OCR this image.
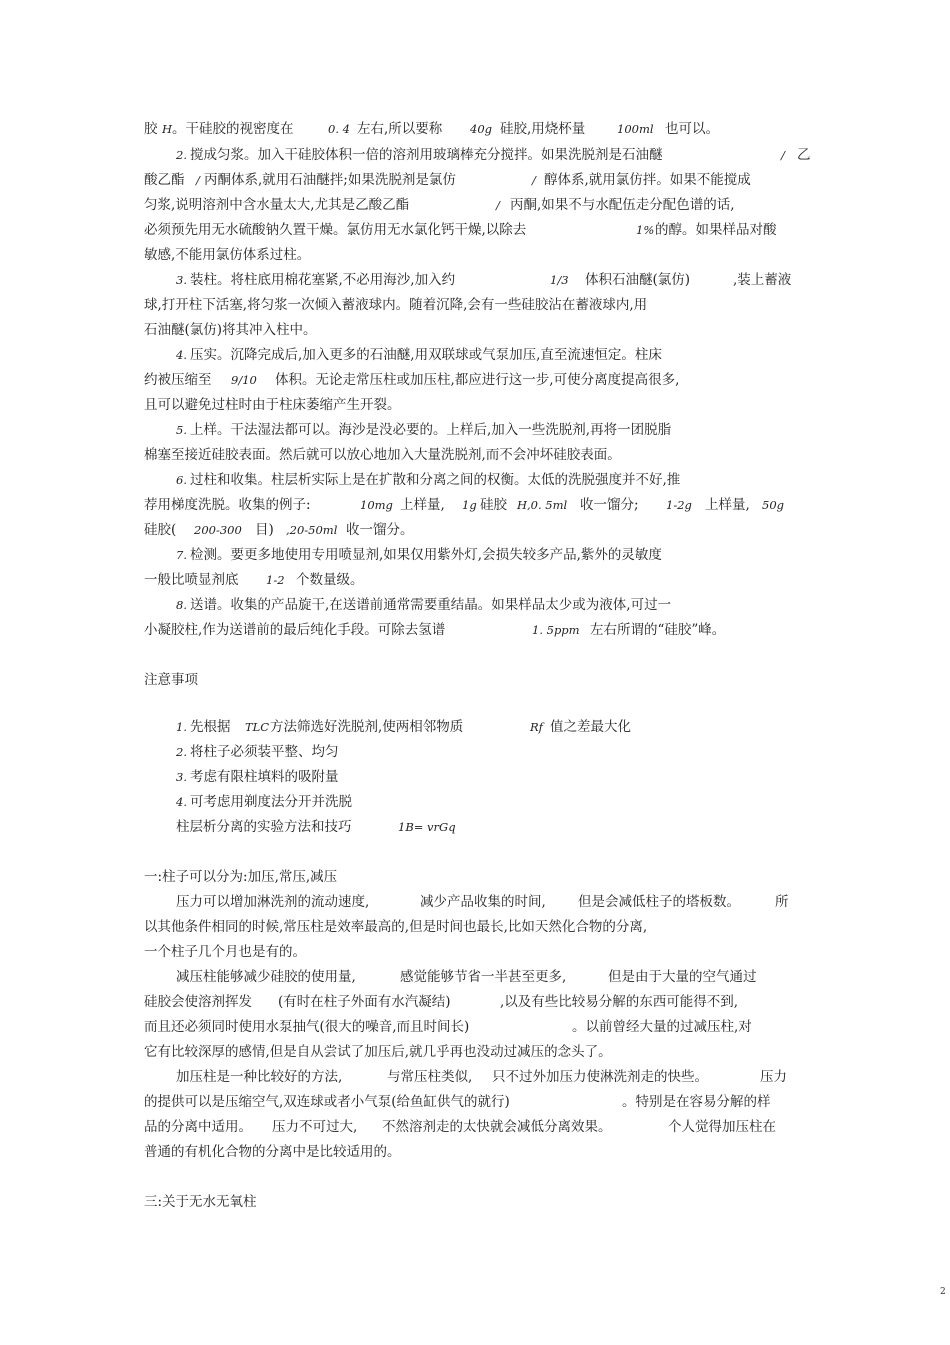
胶 H 。干硅胶的视密度在	0. 4 左右,所以要称 40g 硅胶,用烧杯量	100ml 也可以。
2. 搅成匀浆。加入干硅胶体积一倍的溶剂用玻璃棒充分搅拌。如果洗脱剂是石油醚	/ 乙
酸乙酯 / 丙酮体系,就用石油醚拌;如果洗脱剂是氯仿	/ 醇体系,就用氯仿拌。如果不能搅成
匀浆,说明溶剂中含水量太大,尤其是乙酸乙酯	/ 丙酮,如果不与水配伍走分配色谱的话,
必须预先用无水硫酸钠久置干燥。氯仿用无水氯化钙干燥,以除去	1% 的醇。如果样品对酸
敏感,不能用氯仿体系过柱。
3. 装柱。将柱底用棉花塞紧,不必用海沙,加入约	1/3 体积石油醚(氯仿)	,装上蓄液
球,打开柱下活塞,将匀浆一次倾入蓄液球内。随着沉降,会有一些硅胶沾在蓄液球内,用
石油醚(氯仿)将其冲入柱中。
4. 压实。沉降完成后,加入更多的石油醚,用双联球或气泵加压,直至流速恒定。柱床
约被压缩至 9/10 体积。无论走常压柱或加压柱,都应进行这一步,可使分离度提高很多,
且可以避免过柱时由于柱床萎缩产生开裂。
5. 上样。干法湿法都可以。海沙是没必要的。上样后,加入一些洗脱剂,再将一团脱脂
棉塞至接近硅胶表面。然后就可以放心地加入大量洗脱剂,而不会冲坏硅胶表面。
6. 过柱和收集。柱层析实际上是在扩散和分离之间的权衡。太低的洗脱强度并不好,推
荐用梯度洗脱。收集的例子:	10mg 上样量, 1g 硅胶 H,0. 5ml 收一馏分; 1-2g 上样量, 50g
硅胶( 200-300 目) ,20-50ml 收一馏分。
7. 检测。要更多地使用专用喷显剂,如果仅用紫外灯,会损失较多产品,紫外的灵敏度
一般比喷显剂底 1-2 个数量级。
8. 送谱。收集的产品旋干,在送谱前通常需要重结晶。如果样品太少或为液体,可过一
小凝胶柱,作为送谱前的最后纯化手段。可除去氢谱	1. 5ppm 左右所谓的“硅胶”峰。
注意事项
1. 先根据 TLC 方法筛选好洗脱剂,使两相邻物质	Rf 值之差最大化
2. 将柱子必须装平整、均匀
3. 考虑有限柱填料的吸附量
4. 可考虑用剃度法分开并洗脱
柱层析分离的实验方法和技巧	1B= vrGq
一:柱子可以分为:加压,常压,减压
压力可以增加淋洗剂的流动速度,	减少产品收集的时间, 但是会减低柱子的塔板数。	所
以其他条件相同的时候,常压柱是效率最高的,但是时间也最长,比如天然化合物的分离,
一个柱子几个月也是有的。
减压柱能够减少硅胶的使用量,	感觉能够节省一半甚至更多,	但是由于大量的空气通过
硅胶会使溶剂挥发 (有时在柱子外面有水汽凝结)	,以及有些比较易分解的东西可能得不到,
而且还必须同时使用水泵抽气(很大的噪音,而且时间长)	。以前曾经大量的过减压柱,对
它有比较深厚的感情,但是自从尝试了加压后,就几乎再也没动过减压的念头了。
加压柱是一种比较好的方法,	与常压柱类似, 只不过外加压力使淋洗剂走的快些。	压力
的提供可以是压缩空气,双连球或者小气泵(给鱼缸供气的就行)	。特别是在容易分解的样
品的分离中适用。 压力不可过大, 不然溶剂走的太快就会减低分离效果。	个人觉得加压柱在
普通的有机化合物的分离中是比较适用的。
三:关于无水无氧柱
2
